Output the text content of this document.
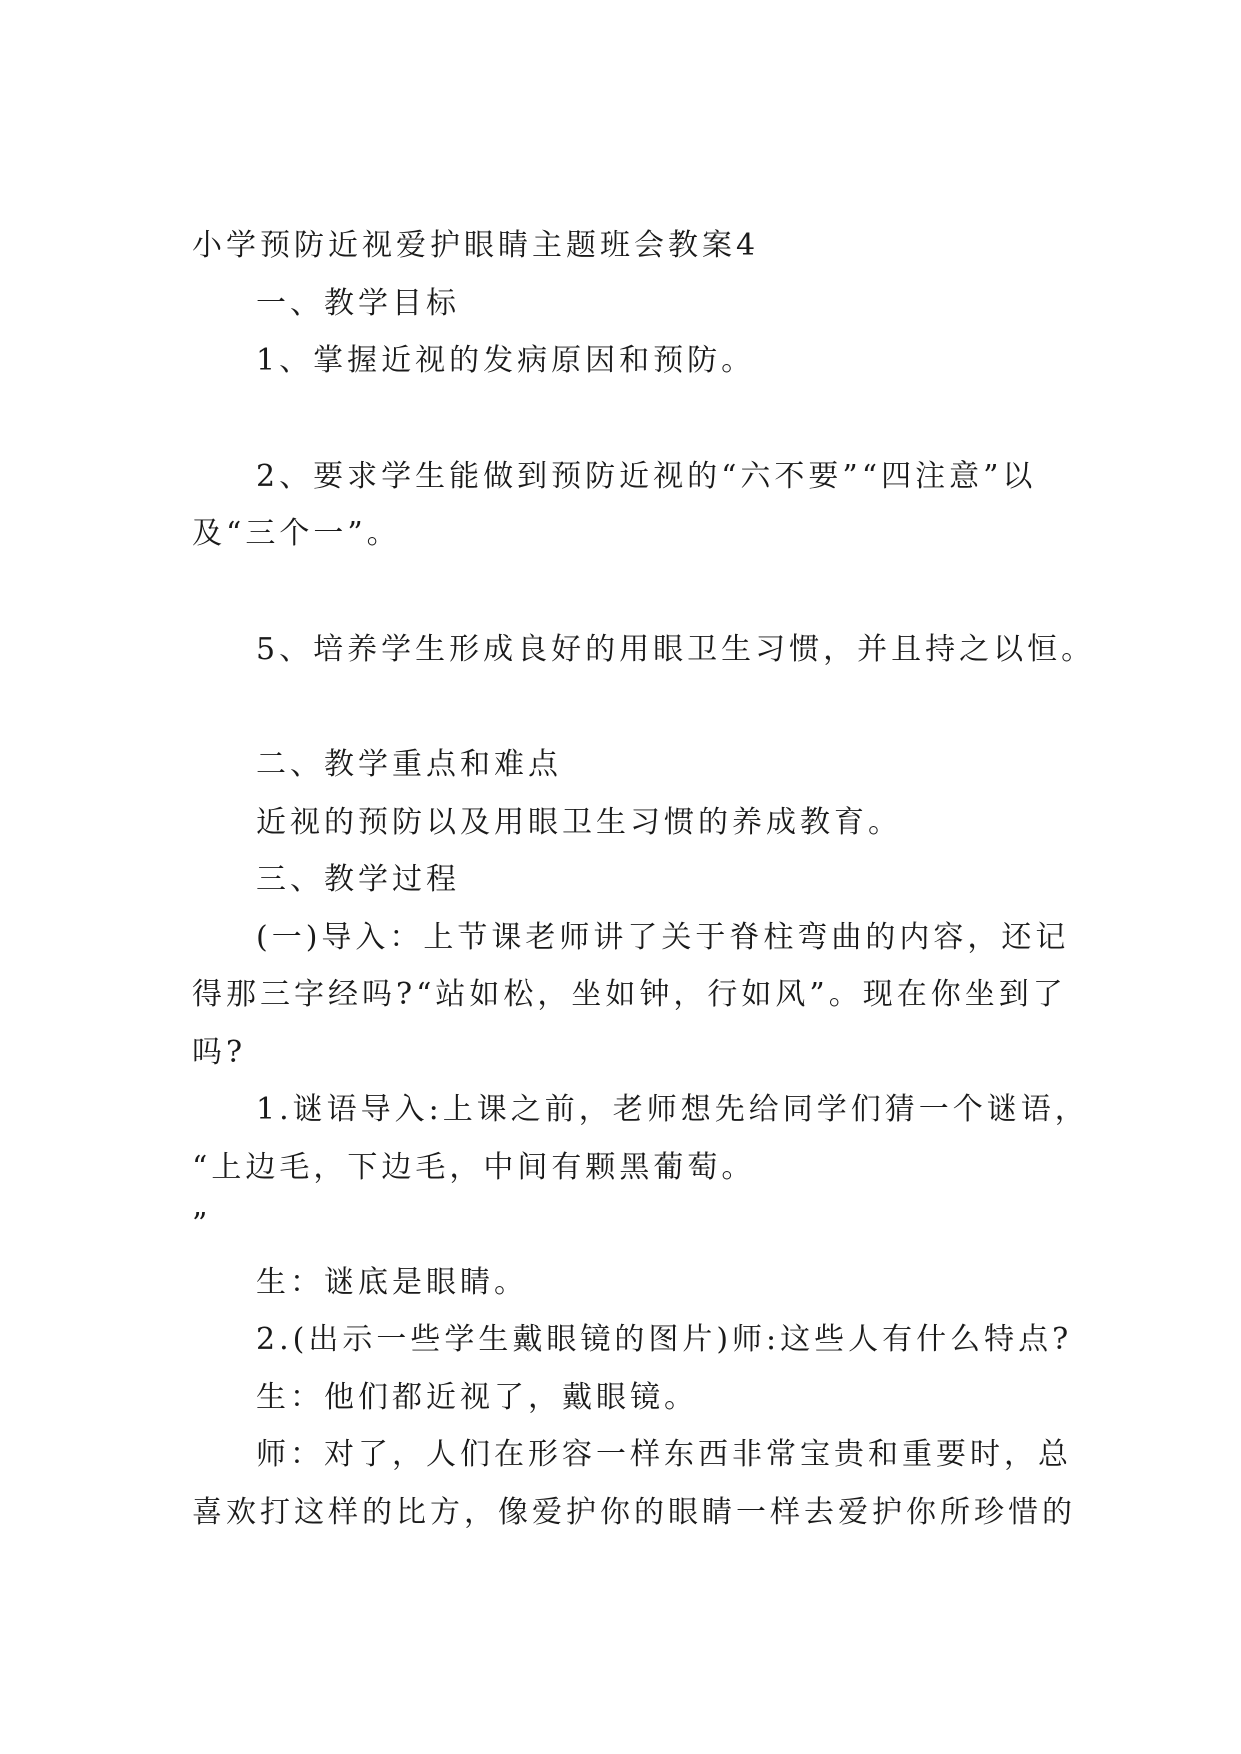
小学预防近视爱护眼睛主题班会教案4
一、教学目标
1、掌握近视的发病原因和预防。
2、要求学生能做到预防近视的“六不要”“四注意”以
及“三个一”。
5、培养学生形成良好的用眼卫生习惯，并且持之以恒。
二、教学重点和难点
近视的预防以及用眼卫生习惯的养成教育。
三、教学过程
(一)导入：上节课老师讲了关于脊柱弯曲的内容，还记
得那三字经吗?“站如松，坐如钟，行如风”。现在你坐到了
吗?
1.谜语导入:上课之前，老师想先给同学们猜一个谜语，
“上边毛，下边毛，中间有颗黑葡萄。
”
生：谜底是眼睛。
2.(出示一些学生戴眼镜的图片)师:这些人有什么特点?
生：他们都近视了，戴眼镜。
师：对了，人们在形容一样东西非常宝贵和重要时，总
喜欢打这样的比方，像爱护你的眼睛一样去爱护你所珍惜的
